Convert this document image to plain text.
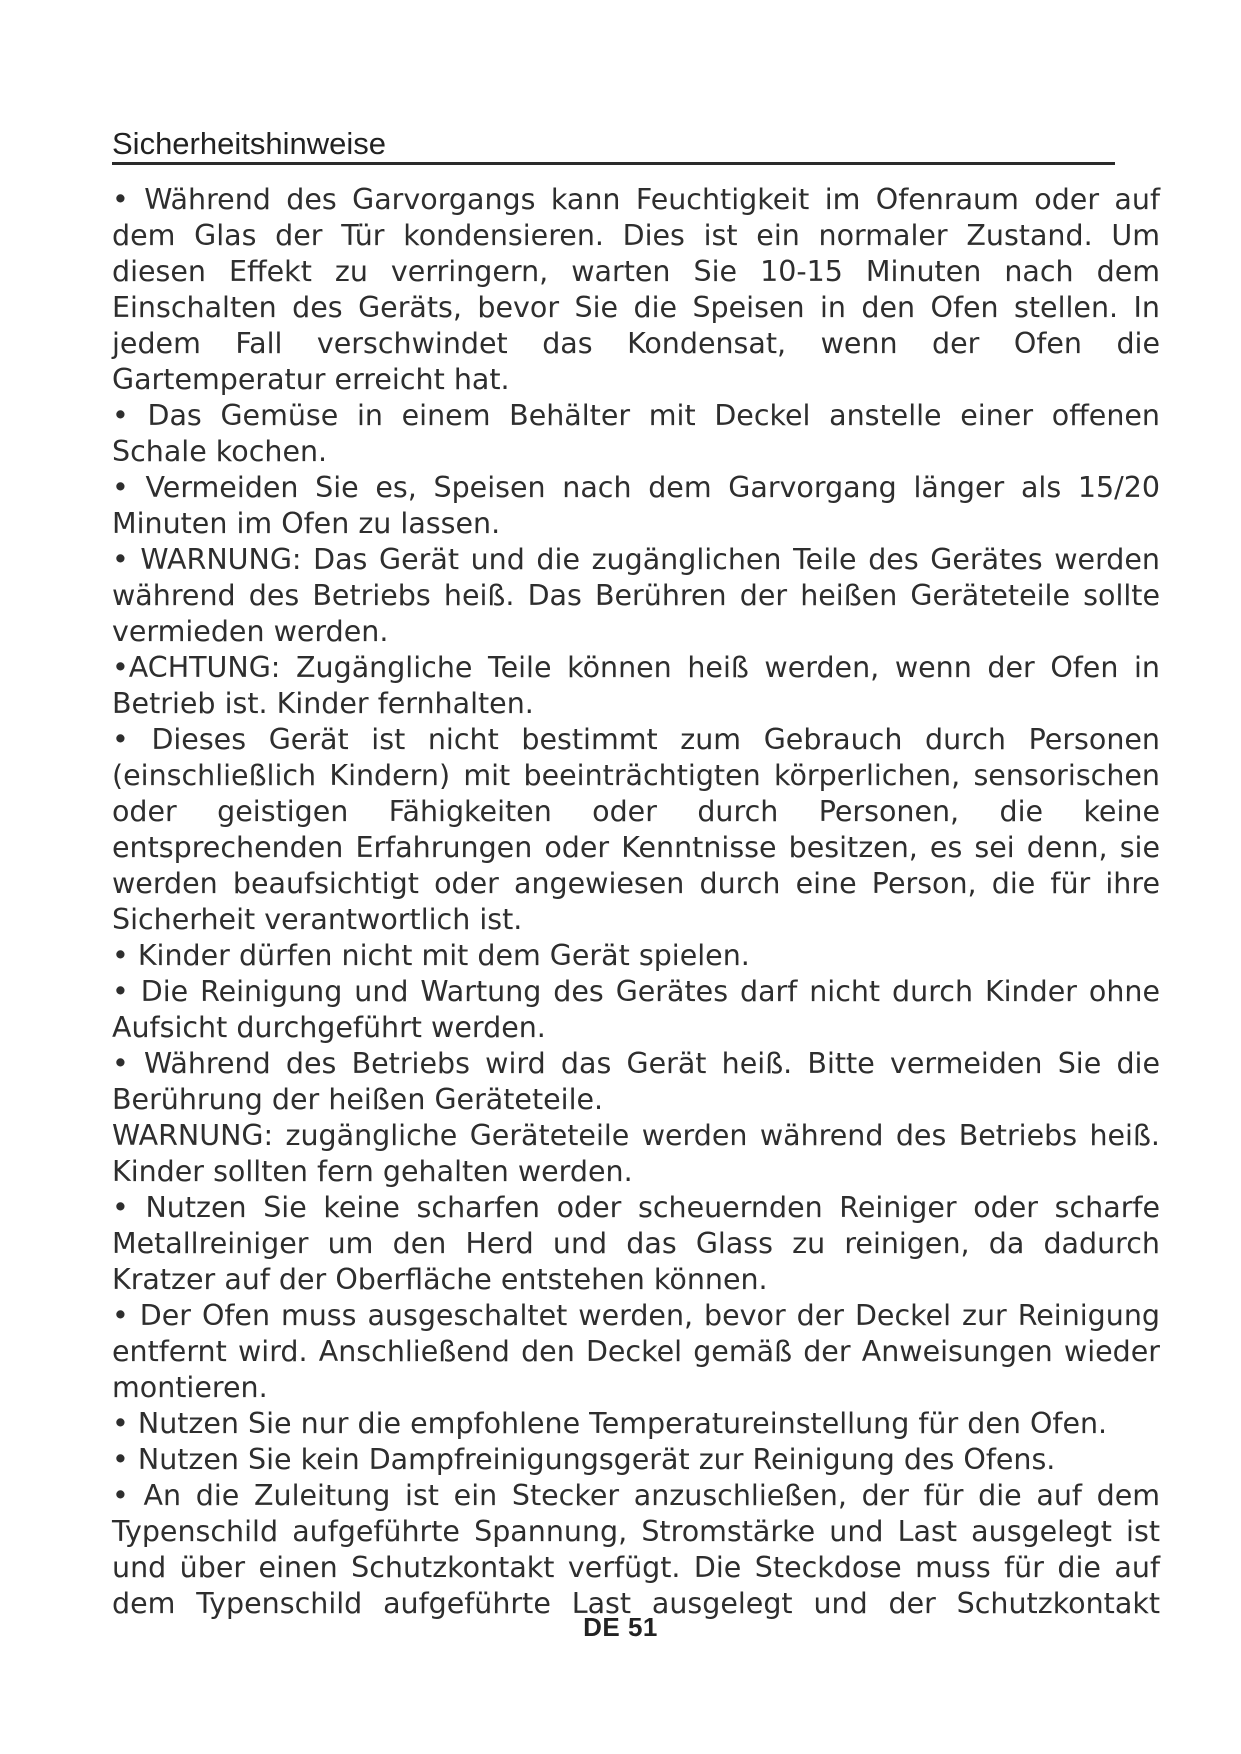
Sicherheitshinweise

• Während des Garvorgangs kann Feuchtigkeit im Ofenraum oder auf dem Glas der Tür kondensieren. Dies ist ein normaler Zustand. Um diesen Effekt zu verringern, warten Sie 10-15 Minuten nach dem Einschalten des Geräts, bevor Sie die Speisen in den Ofen stellen. In jedem Fall verschwindet das Kondensat, wenn der Ofen die Gartemperatur erreicht hat.

• Das Gemüse in einem Behälter mit Deckel anstelle einer offenen Schale kochen.

• Vermeiden Sie es, Speisen nach dem Garvorgang länger als 15/20 Minuten im Ofen zu lassen.

• WARNUNG: Das Gerät und die zugänglichen Teile des Gerätes werden während des Betriebs heiß. Das Berühren der heißen Geräteteile sollte vermieden werden.

•ACHTUNG: Zugängliche Teile können heiß werden, wenn der Ofen in Betrieb ist. Kinder fernhalten.

• Dieses Gerät ist nicht bestimmt zum Gebrauch durch Personen (einschließlich Kindern) mit beeinträchtigten körperlichen, sensorischen oder geistigen Fähigkeiten oder durch Personen, die keine entsprechenden Erfahrungen oder Kenntnisse besitzen, es sei denn, sie werden beaufsichtigt oder angewiesen durch eine Person, die für ihre Sicherheit verantwortlich ist.

• Kinder dürfen nicht mit dem Gerät spielen.

• Die Reinigung und Wartung des Gerätes darf nicht durch Kinder ohne Aufsicht durchgeführt werden.

• Während des Betriebs wird das Gerät heiß. Bitte vermeiden Sie die Berührung der heißen Geräteteile.

WARNUNG: zugängliche Geräteteile werden während des Betriebs heiß. Kinder sollten fern gehalten werden.

• Nutzen Sie keine scharfen oder scheuernden Reiniger oder scharfe Metallreiniger um den Herd und das Glass zu reinigen, da dadurch Kratzer auf der Oberfläche entstehen können.

• Der Ofen muss ausgeschaltet werden, bevor der Deckel zur Reinigung entfernt wird. Anschließend den Deckel gemäß der Anweisungen wieder montieren.

• Nutzen Sie nur die empfohlene Temperatureinstellung für den Ofen.

• Nutzen Sie kein Dampfreinigungsgerät zur Reinigung des Ofens.

• An die Zuleitung ist ein Stecker anzuschließen, der für die auf dem Typenschild aufgeführte Spannung, Stromstärke und Last ausgelegt ist und über einen Schutzkontakt verfügt. Die Steckdose muss für die auf dem Typenschild aufgeführte Last ausgelegt und der Schutzkontakt

DE 51
